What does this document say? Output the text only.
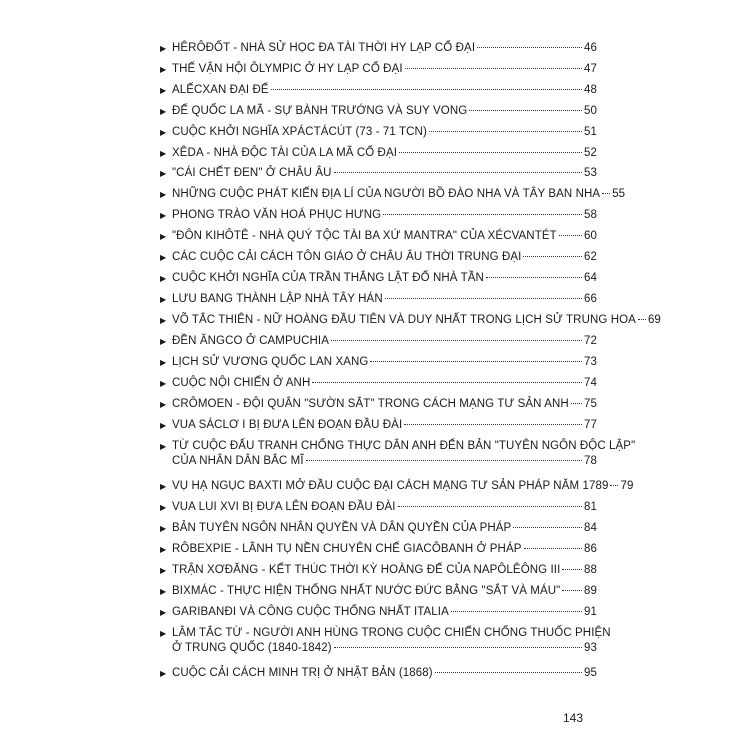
▶ HÊRÔĐỐT - NHÀ SỬ HỌC ĐA TÀI THỜI HY LẠP CỔ ĐẠI	46
▶ THẾ VẬN HỘI ÔLYMPIC Ở HY LẠP CỔ ĐẠI	47
▶ ALẾCXAN ĐẠI ĐẾ	48
▶ ĐẾ QUỐC LA MÃ - SỰ BÀNH TRƯỚNG VÀ SUY VONG	50
▶ CUỘC KHỞI NGHĨA XPÁCTÁCÚT (73 - 71 TCN)	51
▶ XÊDA - NHÀ ĐỘC TÀI CỦA LA MÃ CỔ ĐẠI	52
▶ "CÁI CHẾT ĐEN" Ở CHÂU ÂU	53
▶ NHỮNG CUỘC PHÁT KIẾN ĐỊA LÍ CỦA NGƯỜI BỒ ĐÀO NHA VÀ TÂY BAN NHA 55
▶ PHONG TRÀO VĂN HOÁ PHỤC HƯNG	58
▶ "ĐÔN KIHÔTÊ - NHÀ QUÝ TỘC TÀI BA XỨ MANTRA" CỦA XÉCVANTÉT 60
▶ CÁC CUỘC CẢI CÁCH TÔN GIÁO Ở CHÂU ÂU THỜI TRUNG ĐẠI	62
▶ CUỘC KHỞI NGHĨA CỦA TRẦN THẮNG LẬT ĐỔ NHÀ TẦN	64
▶ LƯU BANG THÀNH LẬP NHÀ TÂY HÁN	66
▶ VÕ TẮC THIÊN - NỮ HOÀNG ĐẦU TIÊN VÀ DUY NHẤT TRONG LỊCH SỬ TRUNG HOA 69
▶ ĐỀN ĂNGCO Ở CAMPUCHIA	72
▶ LỊCH SỬ VƯƠNG QUỐC LAN XANG	73
▶ CUỘC NỘI CHIẾN Ở ANH	74
▶ CRÔMOEN - ĐỘI QUÂN "SƯỜN SẮT" TRONG CÁCH MẠNG TƯ SẢN ANH 75
▶ VUA SÁCLƠ I BỊ ĐƯA LÊN ĐOẠN ĐẦU ĐÀI	77
▶ TỪ CUỘC ĐẤU TRANH CHỐNG THỰC DÂN ANH ĐẾN BẢN "TUYÊN NGÔN ĐỘC LẬP"
CỦA NHÂN DÂN BẮC MĨ	78
▶ VỤ HẠ NGỤC BAXTI MỞ ĐẦU CUỘC ĐẠI CÁCH MẠNG TƯ SẢN PHÁP NĂM 1789 79
▶ VUA LUI XVI BỊ ĐƯA LÊN ĐOẠN ĐẦU ĐÀI	81
▶ BẢN TUYÊN NGÔN NHÂN QUYỀN VÀ DÂN QUYỀN CỦA PHÁP	84
▶ RÔBEXPIE - LÃNH TỤ NỀN CHUYÊN CHẾ GIACÔBANH Ở PHÁP	86
▶ TRẬN XƠĐĂNG - KẾT THÚC THỜI KỲ HOÀNG ĐẾ CỦA NAPÔLÊÔNG III 88
▶ BIXMÁC - THỰC HIỆN THỐNG NHẤT NƯỚC ĐỨC BẰNG "SẮT VÀ MÁU" 89
▶ GARIBANĐI VÀ CÔNG CUỘC THỐNG NHẤT ITALIA	91
▶ LÂM TẮC TỪ - NGƯỜI ANH HÙNG TRONG CUỘC CHIẾN CHỐNG THUỐC PHIỆN
Ở TRUNG QUỐC (1840-1842)	93
▶ CUỘC CẢI CÁCH MINH TRỊ Ở NHẬT BẢN (1868)	95
143
